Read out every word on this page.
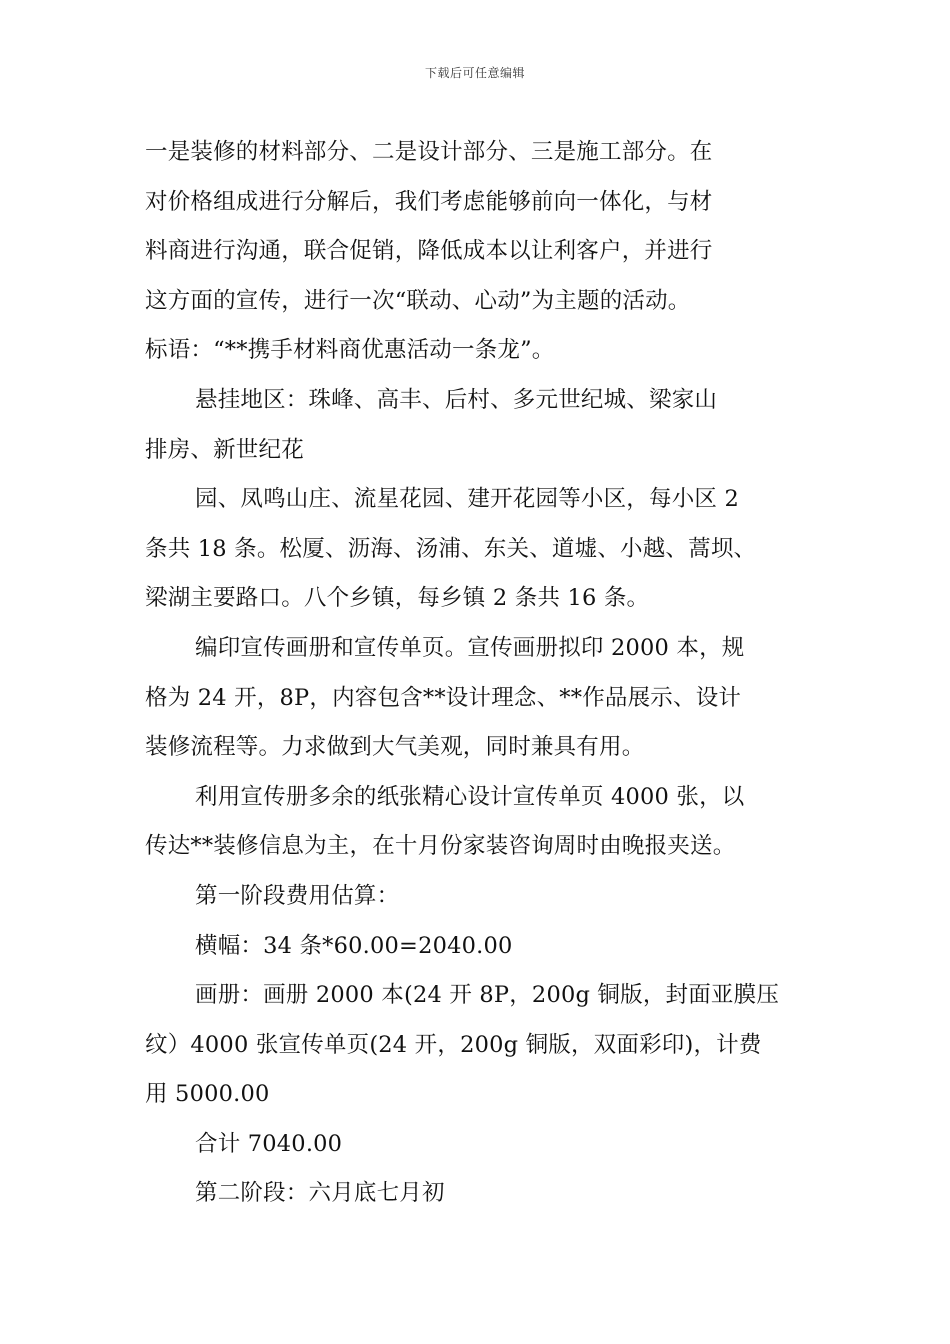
下载后可任意编辑

一是装修的材料部分、二是设计部分、三是施工部分。在

对价格组成进行分解后，我们考虑能够前向一体化，与材

料商进行沟通，联合促销，降低成本以让利客户，并进行

这方面的宣传，进行一次“联动、心动”为主题的活动。

标语：“**携手材料商优惠活动一条龙”。

悬挂地区：珠峰、高丰、后村、多元世纪城、梁家山

排房、新世纪花

园、凤鸣山庄、流星花园、建开花园等小区，每小区 2

条共 18 条。松厦、沥海、汤浦、东关、道墟、小越、蒿坝、

梁湖主要路口。八个乡镇，每乡镇 2 条共 16 条。

编印宣传画册和宣传单页。宣传画册拟印 2000 本，规

格为 24 开，8P，内容包含**设计理念、**作品展示、设计

装修流程等。力求做到大气美观，同时兼具有用。

利用宣传册多余的纸张精心设计宣传单页 4000 张，以

传达**装修信息为主，在十月份家装咨询周时由晚报夹送。

第一阶段费用估算：

横幅：34 条*60.00=2040.00

画册：画册 2000 本(24 开 8P，200g 铜版，封面亚膜压

纹）4000 张宣传单页(24 开，200g 铜版，双面彩印)，计费

用 5000.00

合计 7040.00

第二阶段：六月底七月初
